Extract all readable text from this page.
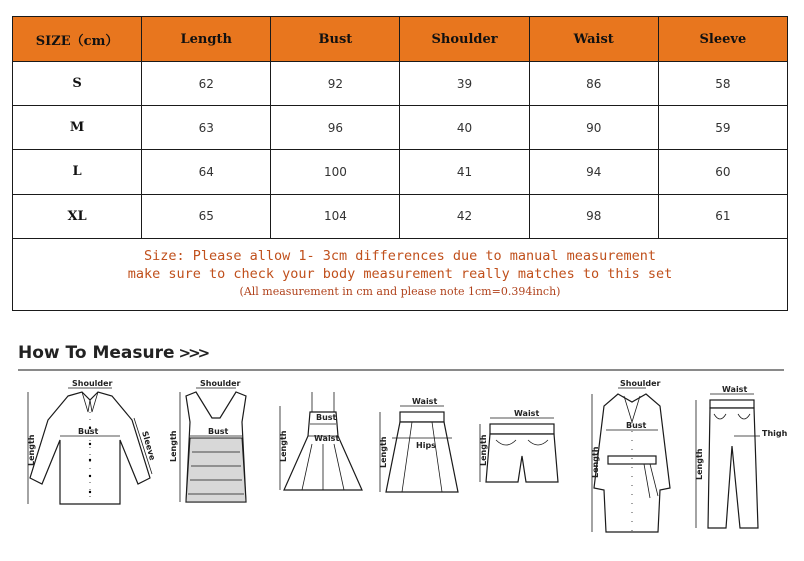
SIZE（cm）	Length	Bust	Shoulder	Waist	Sleeve
S	62	92	39	86	58
M	63	96	40	90	59
L	64	100	41	94	60
XL	65	104	42	98	61

Size: Please allow 1- 3cm differences due to manual measurement
make sure to check your body measurement really matches to this set
(All measurement in cm and please note 1cm=0.394inch)					
How To Measure >>>
Shoulder
Bust
Length	Sleeve
Shoulder
Bust
Length
Bust
Waist
Length
Waist
Hips
Length
Waist
Length
Shoulder
Bust
Length
Waist
Thigh
Length
